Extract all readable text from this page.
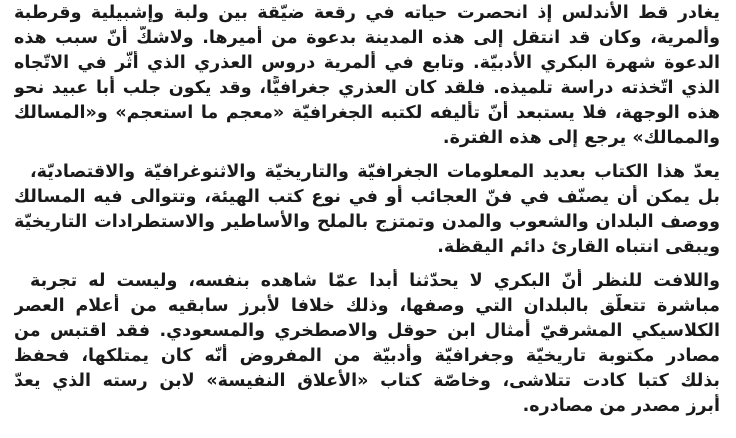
يغادر قط الأندلس إذ انحصرت حياته في رقعة ضيّقة بين ولبة وإشبيلية وقرطبة
وألمرية، وكان قد انتقل إلى هذه المدينة بدعوة من أميرها. ولاشكّ أنّ سبب هذه
الدعوة شهرة البكري الأدبيّة. وتابع في ألمرية دروس العذري الذي أثّر في الاتّجاه
الذي اتّخذته دراسة تلميذه. فلقد كان العذري جغرافيًّا، وقد يكون جلب أبا عبيد نحو
هذه الوجهة، فلا يستبعد أنّ تأليفه لكتبه الجغرافيّة «معجم ما استعجم» و«المسالك
والممالك» يرجع إلى هذه الفترة.
يعدّ هذا الكتاب بعديد المعلومات الجغرافيّة والتاريخيّة والاثنوغرافيّة والاقتصاديّة،
بل يمكن أن يصنّف في فنّ العجائب أو في نوع كتب الهيئة، وتتوالى فيه المسالك
ووصف البلدان والشعوب والمدن وتمتزج بالملح والأساطير والاستطرادات التاريخيّة
ويبقى انتباه القارئ دائم اليقظة.
واللافت للنظر أنّ البكري لا يحدّثنا أبدا عمّا شاهده بنفسه، وليست له تجربة
مباشرة تتعلّق بالبلدان التي وصفها، وذلك خلافا لأبرز سابقيه من أعلام العصر
الكلاسيكي المشرقيّ أمثال ابن حوقل والاصطخري والمسعودي. فقد اقتبس من
مصادر مكتوبة تاريخيّة وجغرافيّة وأدبيّة من المفروض أنّه كان يمتلكها، فحفظ
بذلك كتبا كادت تتلاشى، وخاصّة كتاب «الأعلاق النفيسة» لابن رسته الذي يعدّ
أبرز مصدر من مصادره.
